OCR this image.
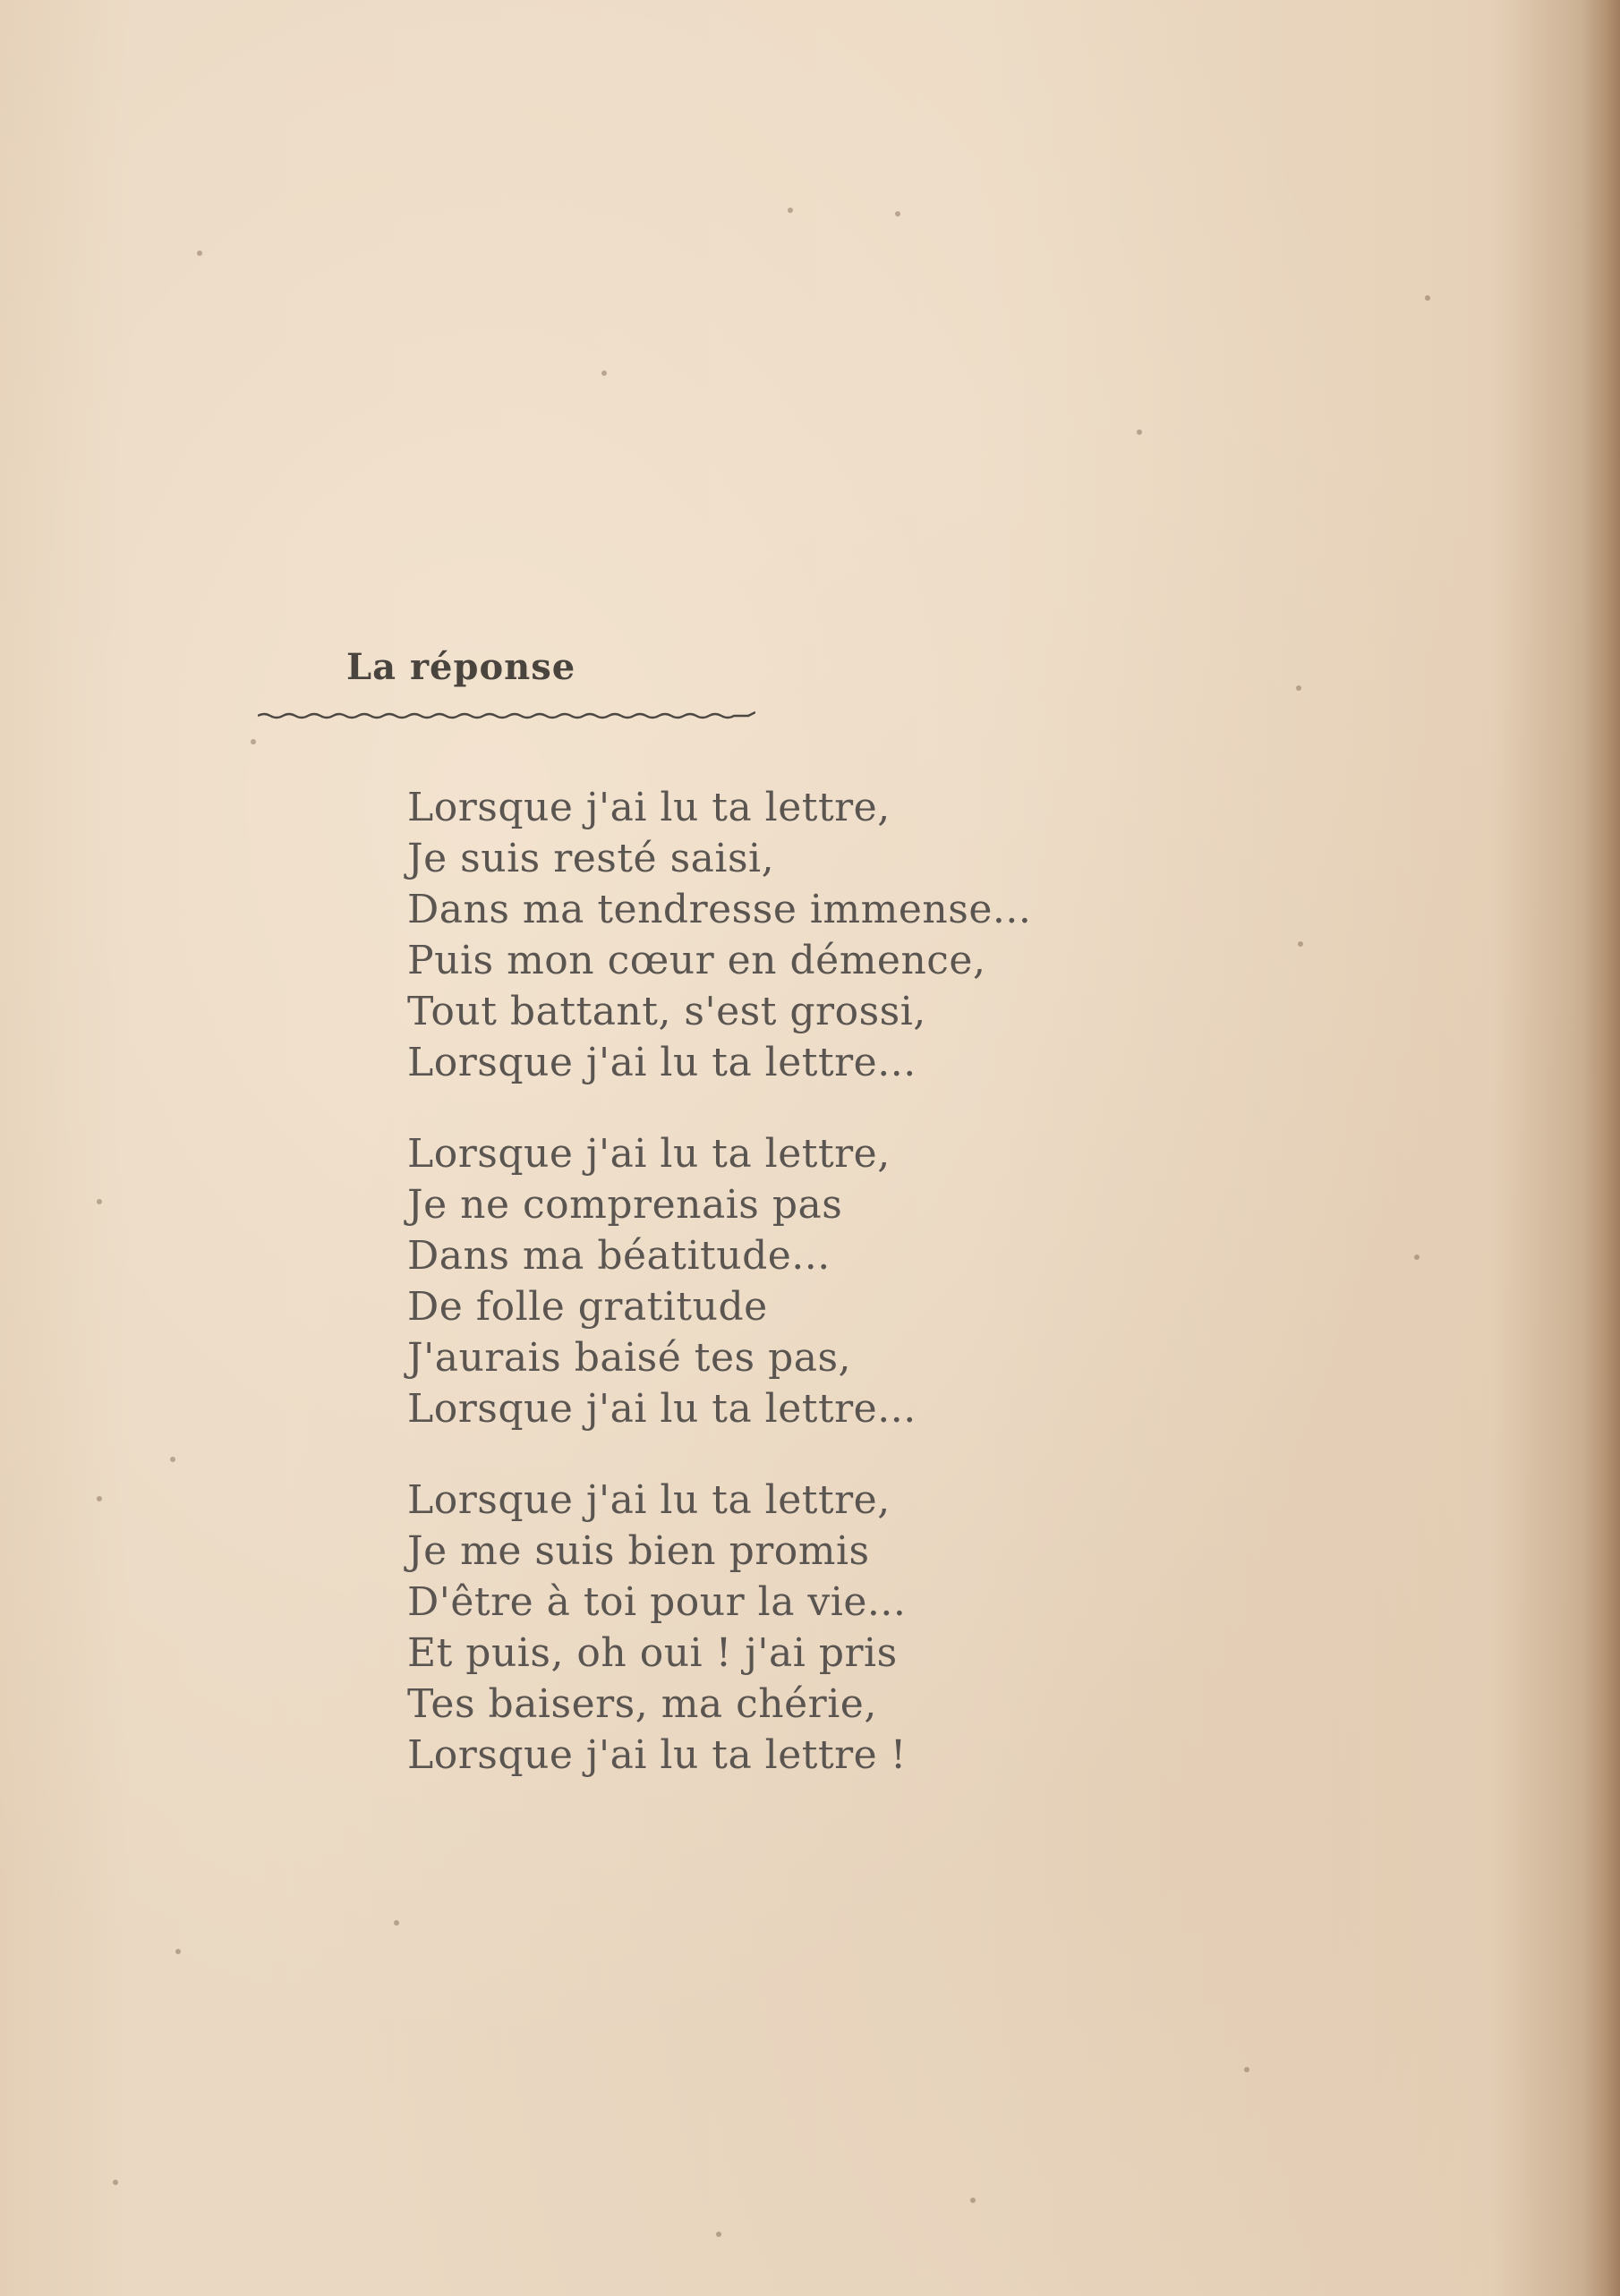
La réponse
Lorsque j'ai lu ta lettre,
Je suis resté saisi,
Dans ma tendresse immense...
Puis mon cœur en démence,
Tout battant, s'est grossi,
Lorsque j'ai lu ta lettre...
Lorsque j'ai lu ta lettre,
Je ne comprenais pas
Dans ma béatitude...
De folle gratitude
J'aurais baisé tes pas,
Lorsque j'ai lu ta lettre...
Lorsque j'ai lu ta lettre,
Je me suis bien promis
D'être à toi pour la vie...
Et puis, oh oui ! j'ai pris
Tes baisers, ma chérie,
Lorsque j'ai lu ta lettre !
